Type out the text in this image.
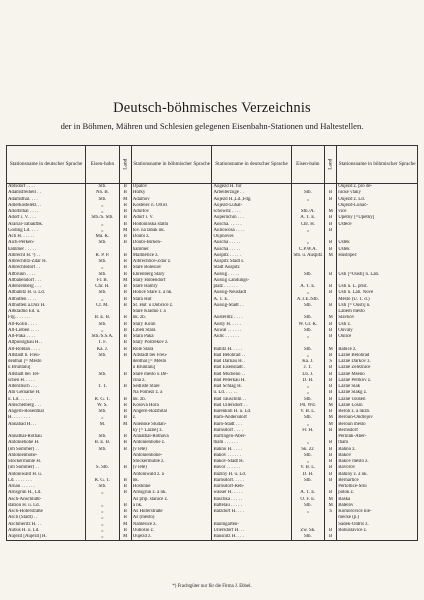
Deutsch-böhmisches Verzeichnis
der in Böhmen, Mähren und Schlesien gelegenen Eisenbahn-Stationen und Haltestellen.
Stationsname in deutscher Sprache	Eisen-bahn	Land	Stationsname in böhmischer Sprache	Stationsname in deutscher Sprache	Eisen-bahn	Land	Stationsname in böhmischer Sprache
Abtsdorf . . . .	Stb.	B	Opatov	Augezd H. für			Oujezd z. pro dě-
Adamsfreiheit . .	Nh. B.	B	Hůrky	Arbeiterzüge . .	Stb.	B	nické vlaky
Adamsthal. . . .	Stb.	M	Adamov	Aujezd H.,Ld.,Fdg.	„	B	Oujezd z. Ld.
Adlerkosteletz . .	„	B	Kostelec n. Orlicí	Aujezd-Luhat-			Oujezd-Luhač-
Adolfsthal . . . .	„	B	Adolfov	schowitz . . . .	Stb./A.	M	vice
Adorf i. V. . . .	Stb./S. Stb.	B	Adorf i. V.	Aupernchin . . .	A. T. E.	B	Úpetný [=Úpetný]
Ärarial-Tabakfbk.	„	B	Hodonínská státní	Auscha. . . . . .	Chr. H.	B	Úštěce
Göding Ld. . . .	„	M	tov. na tabák nk.	Auliowosa . . . .	„	B	
Ach H. . . . . .	Ma. K.	B	Doubí z.	Oujinoves			
Aich-Perken-	Stb.	B	Doubí-Birken-	Auscha . . . . .	„	B	Úštěk
hammer . . . . .			hammer	Auscha . . . . .	C.P.W.A.	B	Úštěk
Albrecht H. ¹) . .	R. P. P.	B	Malměřice z.	Auspitz . . . . .	Stb. u. Auspitz	M	Hustopeč
Albrechtitz-Zdár H.	Stb.	B	Albrechtice-Zdár z.	Auspitz Stadt s.			
Albrechtsdorf . .	„	B	Staré Boleslav	Stadt Auspitz			
Altbrünn . . . .	Stb.	B	Ehrenberg Starý	Aussig . . . . .	Stb.	B	Ústí [=Oustí] n. Lab.
Altbabendorf . . .	Fr. B.	M	Starý Hobendorf	Aussig Landungs-			
Altehrenberg . . .	Chr. H.	B	Staré Hamry	platz . . . . . .	A. T. E.	B	Ústí n. L. přist.
Altbabitz H. u. Ld.	Stb.	B	Holice Staré z. a nk.	Aussig-Neustadt	„	B	Ústí n. Lab. Nové
Althütten . . . .	„	B	Stará Huť	A. T. E.	A.T.E./Stb.		Město (Ú. T. d.)
Althütten a.Dux H.	Čt. M.	B	St. Huť u Dobčíce z.	Aussig-Stadt . .	Stb.	B	Ústí [= Oustí] n.
Altkladno Ed. u.			Staré Kladno r. a				Labem město
Frg. . . . . . .	B. E. B.	B	nk. zb.	Austerlitz . . . .	Stb.	M	Slavkov
Alt-Kolin . . . .	Stb.	B	Starý Kolín	Austy H. . . . .	W. Gr. K.	B	Ústí z.
Alt-Lieben . . . .	„	B	Libeň Stará	Auwal . . . . . .	Stb.	B	Ouvaly
Alt-Paka . . . .	Stb./S.S.A.	B	Stará Paka	Aulic . . . . . .	„	B	Oulice
Altpossigkau H. .	T. F.	B	Starý Postřekov z.				
Alt-Roblan . . . .	Ka. J.	B	Role Stará	Babitz H. . . . .	Stb.	M	Babice z.
Altstadt b. Freu-	Stb.	B	Altstadt bei Freu-	Bad Bělohrad . .	„	B	Lázně Bělohrad
denthal [= Město			denthal [= Město	Bad Darkau H. .	Ka. J.	S	Lázně Darkov z.
u Bruntálu]			u Bruntálu]	Bad Eisenstadt .	J. T.	B	Lázně Železnice
Altstadt bei Tet-	Stb.	B	Staré město u Dě-	Bad Mscheno . .	Lb. J.	B	Lázně Mšeno
schen H. . . . .			čína z.	Bad Peterkau H.	D. H.	B	Lázně Petrkov z.
Alterdlisch . . .	T. T.	B	Sedlíště Staré	Bad Schlag H.	„	B	Lázně Šlak
Am Gemärke H.			Na Pomezí z. a	u. Ld. . . . . .	„	B	Lázně Šlakg z.
u. Ld. . . . . .	R. G. T.	B	nk. zb.	Bad Tauschim . .	Stb.	B	Lázně Toušeň
Amschelberg . . .	W. S.	B	Kosová Hora	Bad Ullersdorf . .	Pd. Wd.	M	Lázně Losín
Angern-Rosenthal	Stb.	B	Angern-Rožmitál	Bärenkoh H. u. Ld.	V. B. L.	B	Beřoh z. a nkzb.
H. . . . . . . .	„	B	z.	Bärn-Andersdorf	Stb.	M	Beroun-Ondřejov
Annabad H. . .	M.	M	Anenské Studán-	Bärn-Stadt . . .	„	M	Beroun město
			ky [= Lázně] z.	Bärnsdorf . . . .	Fr. H.	B	Bernsdorf
Annathal-Rothau	Stb.	B	Annathal-Rothava	Bärringen-Aber-			Pernink-Aber-
Antoniehöhe H.	B. E. B.	B	Antonienhöhe z.	tham . . . . . .	„	B	tham
(im Sommer) . .	Stb.	B	(v létě)	Bahno H. . . . .	Sk. Zr.	B	Bahno z.
Antonienhöhe-			Antonienhöhe-	Bakov . . . . . .	Stb.	B	Bakov
Stöckermühle H.			Stöckermühle z.	Bakov-Stadt H.	„	B	Bakov město z.
(im Sommer) . .	S. Stb.	B	(v létě)	Bavor . . . . . .	V. B. L.	B	Bavorov
Antoniwald H. u.			Antoniwald z. a	Bažiny H. u. Ld.	D. H.	B	Bahiny z. a nk.
Ld. . . . . . . .	R. G. T.	B	nk.	Barnsdorf. . . . .	Stb.	B	Bernartice
Arnau . . . . . .	Stb.	B	Hostinné	Barnsdorf-Reh-			Pertoltice-Srní
Arnsgrün H., Ld.	„	B	Arnsgrün z. a nk.	wasser H. . . . .	A. T. E.	B	potok z.
Asch-Anschlußt-			Aš přip. stanice z.	Baschka . . . . .	O. F. E.	M	Baška
station H. u. Ld.	„	B	a nk.	Battelau . . . . .	Stb.	M	Batelov
Asch-Hoferstraße	„	B	Aš Hoferstraße	Batzdorf H. . . .	„	S	Komorovice nie-
Asch (Stadt) . .	„	B	Aš (město)				mecké (p.)
Aschmeritz H. . .	„	M	Náměšice z.	Baumgarten-			Sádek-Oldřiš z.
Aubus H. u. Ld.	„	B	Oubošio z.	Ullersdorf H. . .	Zw. Sk.	B	Bohuslavice z.
Aujezd [Aujezd] H.	„	M	Oujezd z.	Bausnitz H. . . .	Stb.	B	
*) Frachtgüter nur für die Firma J. Ebbel.
